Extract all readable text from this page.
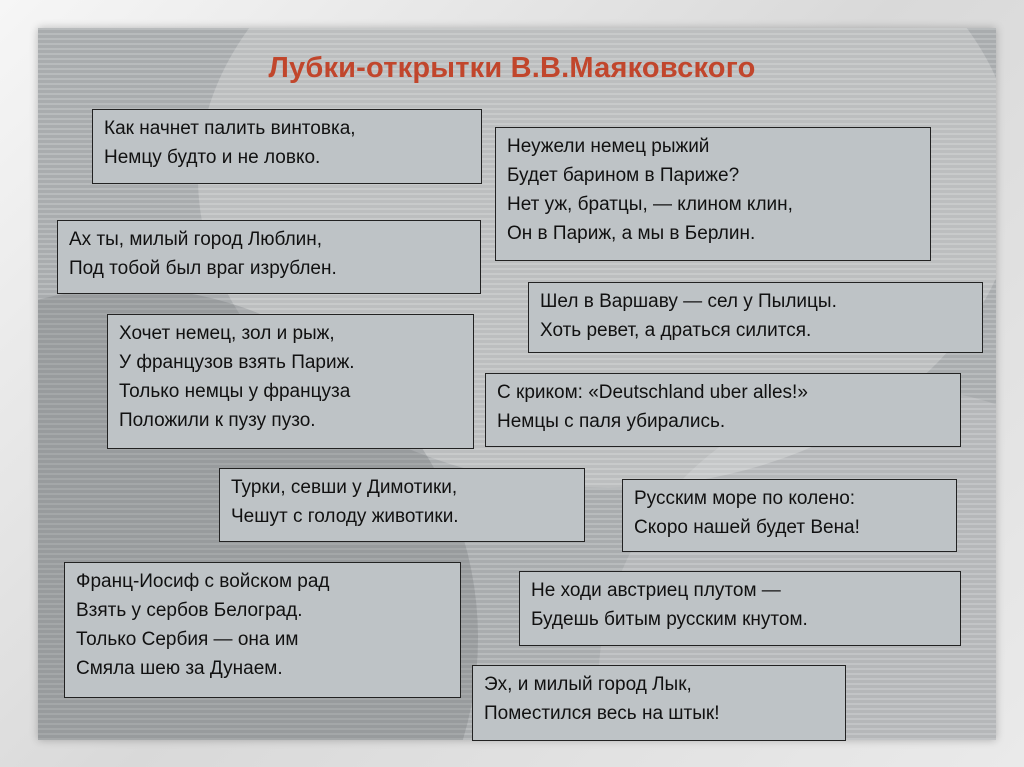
Лубки-открытки В.В.Маяковского
Как начнет палить винтовка,
Немцу будто и не ловко.
Неужели немец рыжий
Будет барином в Париже?
Нет уж, братцы, — клином клин,
Он в Париж, а мы в Берлин.
Ах ты, милый город Люблин,
Под тобой был враг изрублен.
Шел в Варшаву — сел у Пылицы.
Хоть ревет, а драться силится.
Хочет немец, зол и рыж,
У французов взять Париж.
Только немцы у француза
Положили к пузу пузо.
С криком: «Deutschland uber alles!»
Немцы с паля убирались.
Турки, севши у Димотики,
Чешут с голоду животики.
Русским море по колено:
Скоро нашей будет Вена!
Франц-Иосиф с войском рад
Взять у сербов Белоград.
Только Сербия — она им
Смяла шею за Дунаем.
Не ходи австриец плутом —
Будешь битым русским кнутом.
Эх, и милый город Лык,
Поместился весь на штык!
